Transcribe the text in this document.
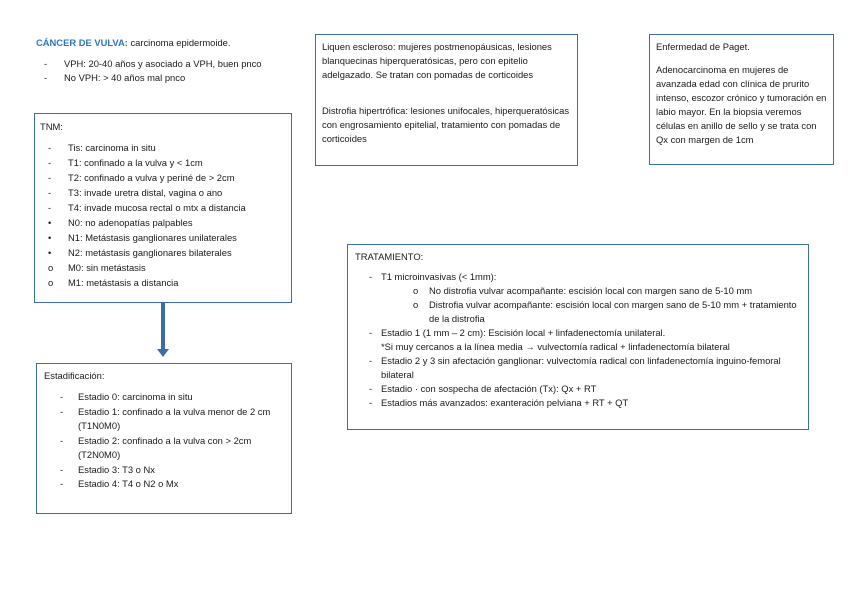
CÁNCER DE VULVA: carcinoma epidermoide.
- VPH: 20-40 años y asociado a VPH, buen pnco
- No VPH: > 40 años mal pnco
TNM:
- Tis: carcinoma in situ
- T1: confinado a la vulva y < 1cm
- T2: confinado a vulva y periné de > 2cm
- T3: invade uretra distal, vagina o ano
- T4: invade mucosa rectal o mtx a distancia
• N0: no adenopatías palpables
• N1: Metástasis ganglionares unilaterales
• N2: metástasis ganglionares bilaterales
o M0: sin metástasis
o M1: metástasis a distancia
Estadificación:
- Estadio 0: carcinoma in situ
- Estadio 1: confinado a la vulva menor de 2 cm (T1N0M0)
- Estadio 2: confinado a la vulva con > 2cm (T2N0M0)
- Estadio 3: T3 o Nx
- Estadio 4: T4 o N2 o Mx
Liquen escleroso: mujeres postmenopáusicas, lesiones blanquecinas hiperqueratósicas, pero con epitelio adelgazado. Se tratan con pomadas de corticoides
Distrofia hipertrófica: lesiones unifocales, hiperqueratósicas con engrosamiento epitelial, tratamiento con pomadas de corticoides
Enfermedad de Paget.
Adenocarcinoma en mujeres de avanzada edad con clínica de prurito intenso, escozor crónico y tumoración en labio mayor. En la biopsia veremos células en anillo de sello y se trata con Qx con margen de 1cm
TRATAMIENTO:
- T1 microinvasivas (< 1mm):
o No distrofia vulvar acompañante: escisión local con margen sano de 5-10 mm
o Distrofia vulvar acompañante: escisión local con margen sano de 5-10 mm + tratamiento de la distrofia
- Estadio 1 (1 mm – 2 cm): Escisión local + linfadenectomía unilateral.
*Si muy cercanos a la línea media → vulvectomía radical + linfadenectomía bilateral
- Estadio 2 y 3 sin afectación ganglionar: vulvectomía radical con linfadenectomía inguino-femoral bilateral
- Estadio · con sospecha de afectación (Tx): Qx + RT
- Estadios más avanzados: exanteración pelviana + RT + QT
